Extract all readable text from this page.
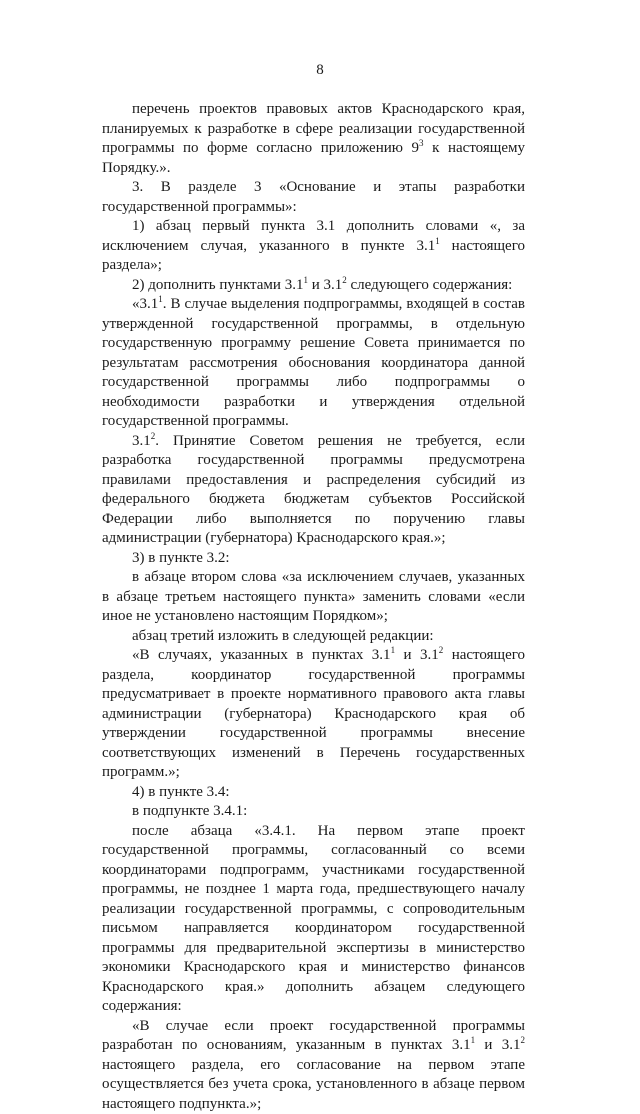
8

перечень проектов правовых актов Краснодарского края, планируемых к разработке в сфере реализации государственной программы по форме согласно приложению $9^3$ к настоящему Порядку.».

3. В разделе 3 «Основание и этапы разработки государственной программы»:

1) абзац первый пункта 3.1 дополнить словами «, за исключением случая, указанного в пункте $3.1^1$ настоящего раздела»;

2) дополнить пунктами $3.1^1$ и $3.1^2$ следующего содержания:

«$3.1^1$. В случае выделения подпрограммы, входящей в состав утвержденной государственной программы, в отдельную государственную программу решение Совета принимается по результатам рассмотрения обоснования координатора данной государственной программы либо подпрограммы о необходимости разработки и утверждения отдельной государственной программы.

$3.1^2$. Принятие Советом решения не требуется, если разработка государственной программы предусмотрена правилами предоставления и распределения субсидий из федерального бюджета бюджетам субъектов Российской Федерации либо выполняется по поручению главы администрации (губернатора) Краснодарского края.»;

3) в пункте 3.2:

в абзаце втором слова «за исключением случаев, указанных в абзаце третьем настоящего пункта» заменить словами «если иное не установлено настоящим Порядком»;

абзац третий изложить в следующей редакции:

«В случаях, указанных в пунктах $3.1^1$ и $3.1^2$ настоящего раздела, координатор государственной программы предусматривает в проекте нормативного правового акта главы администрации (губернатора) Краснодарского края об утверждении государственной программы внесение соответствующих изменений в Перечень государственных программ.»;

4) в пункте 3.4:

в подпункте 3.4.1:

после абзаца «3.4.1. На первом этапе проект государственной программы, согласованный со всеми координаторами подпрограмм, участниками государственной программы, не позднее 1 марта года, предшествующего началу реализации государственной программы, с сопроводительным письмом направляется координатором государственной программы для предварительной экспертизы в министерство экономики Краснодарского края и министерство финансов Краснодарского края.» дополнить абзацем следующего содержания:

«В случае если проект государственной программы разработан по основаниям, указанным в пунктах $3.1^1$ и $3.1^2$ настоящего раздела, его согласование на первом этапе осуществляется без учета срока, установленного в абзаце первом настоящего подпункта.»;
